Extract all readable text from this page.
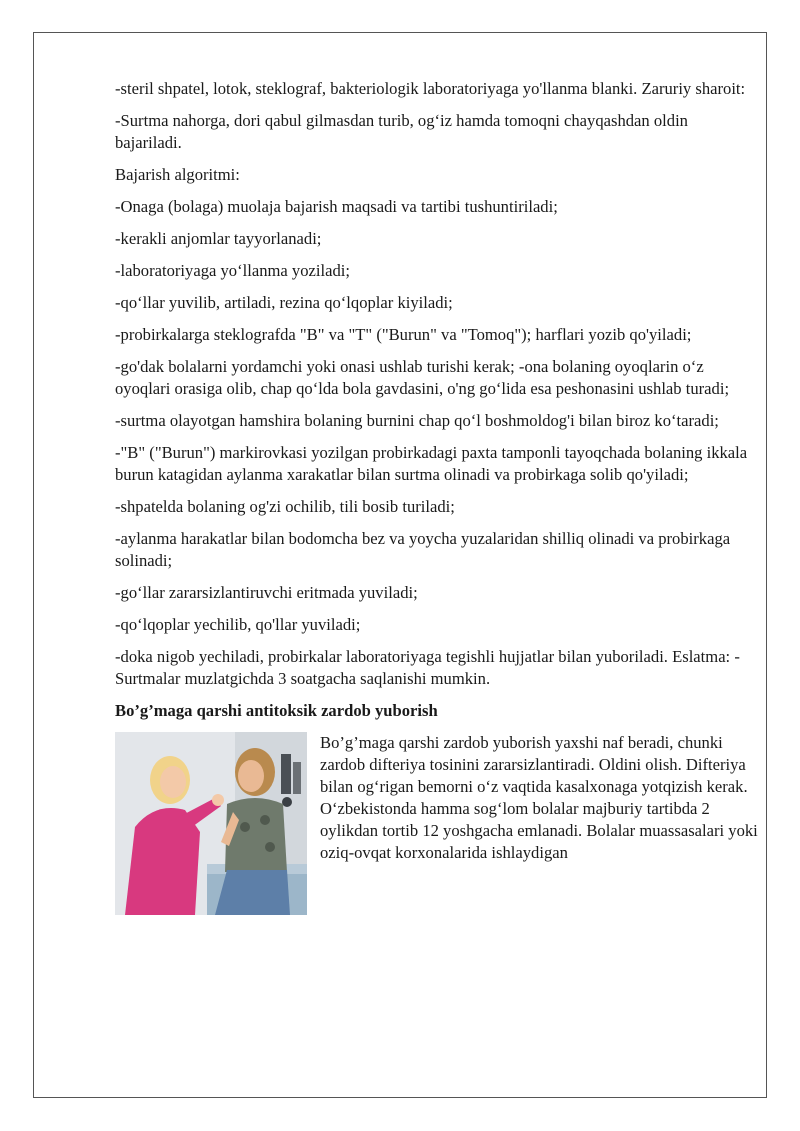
-steril shpatel, lotok, steklograf, bakteriologik laboratoriyaga yo'llanma blanki. Zaruriy sharoit:

-Surtma nahorga, dori qabul gilmasdan turib, og‘iz hamda tomoqni chayqashdan oldin bajariladi.

Bajarish algoritmi:

-Onaga (bolaga) muolaja bajarish maqsadi va tartibi tushuntiriladi;

-kerakli anjomlar tayyorlanadi;

-laboratoriyaga yo‘llanma yoziladi;

-qo‘llar yuvilib, artiladi, rezina qo‘lqoplar kiyiladi;

-probirkalarga steklografda "B" va "T" ("Burun" va "Tomoq"); harflari yozib qo'yiladi;

-go'dak bolalarni yordamchi yoki onasi ushlab turishi kerak; -ona bolaning oyoqlarin o‘z oyoqlari orasiga olib, chap qo‘lda bola gavdasini, o'ng go‘lida esa peshonasini ushlab turadi;

-surtma olayotgan hamshira bolaning burnini chap qo‘l boshmoldog'i bilan biroz ko‘taradi;

-"B" ("Burun") markirovkasi yozilgan probirkadagi paxta tamponli tayoqchada bolaning ikkala burun katagidan aylanma xarakatlar bilan surtma olinadi va probirkaga solib qo'yiladi;

-shpatelda bolaning og'zi ochilib, tili bosib turiladi;

-aylanma harakatlar bilan bodomcha bez va yoycha yuzalaridan shilliq olinadi va probirkaga solinadi;

-go‘llar zararsizlantiruvchi eritmada yuviladi;

-qo‘lqoplar yechilib, qo'llar yuviladi;

-doka nigob yechiladi, probirkalar laboratoriyaga tegishli hujjatlar bilan yuboriladi. Eslatma: -Surtmalar muzlatgichda 3 soatgacha saqlanishi mumkin.

Bo’g’maga qarshi antitoksik zardob yuborish
Bo’g’maga qarshi zardob yuborish yaxshi naf beradi, chunki zardob difteriya tosinini zararsizlantiradi. Oldini olish. Difteriya bilan og‘rigan bemorni o‘z vaqtida kasalxonaga yotqizish kerak. O‘zbekistonda hamma sog‘lom bolalar majburiy tartibda 2 oylikdan tortib 12 yoshgacha emlanadi. Bolalar muassasalari yoki oziq-ovqat korxonalarida ishlaydigan
